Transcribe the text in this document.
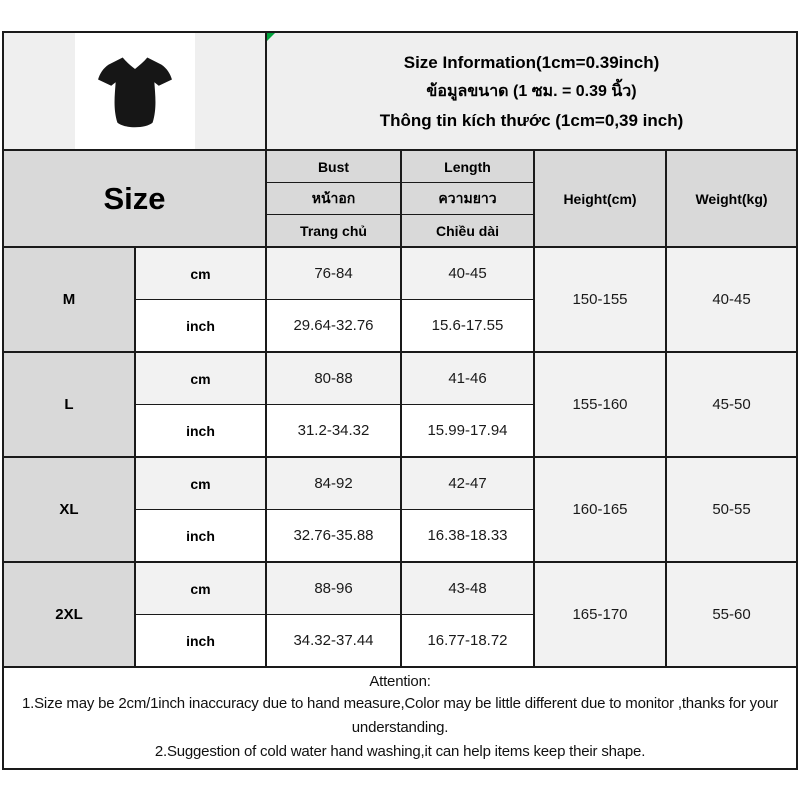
Size Information(1cm=0.39inch)
ข้อมูลขนาด (1 ซม. = 0.39 นิ้ว)
Thông tin kích thước (1cm=0,39 inch)			

Size		Bust	Length	Height(cm)	Weight(kg)
		หน้าอก	ความยาว		
		Trang chủ	Chiều dài		
M	cm	76-84	40-45	150-155	40-45
	inch	29.64-32.76	15.6-17.55		
L	cm	80-88	41-46	155-160	45-50
	inch	31.2-34.32	15.99-17.94		
XL	cm	84-92	42-47	160-165	50-55
	inch	32.76-35.88	16.38-18.33		
2XL	cm	88-96	43-48	165-170	55-60
	inch	34.32-37.44	16.77-18.72		

Attention:
1.Size may be 2cm/1inch inaccuracy due to hand measure,Color may be little different due to monitor ,thanks for your understanding.
2.Suggestion of cold water hand washing,it can help items keep their shape.					
